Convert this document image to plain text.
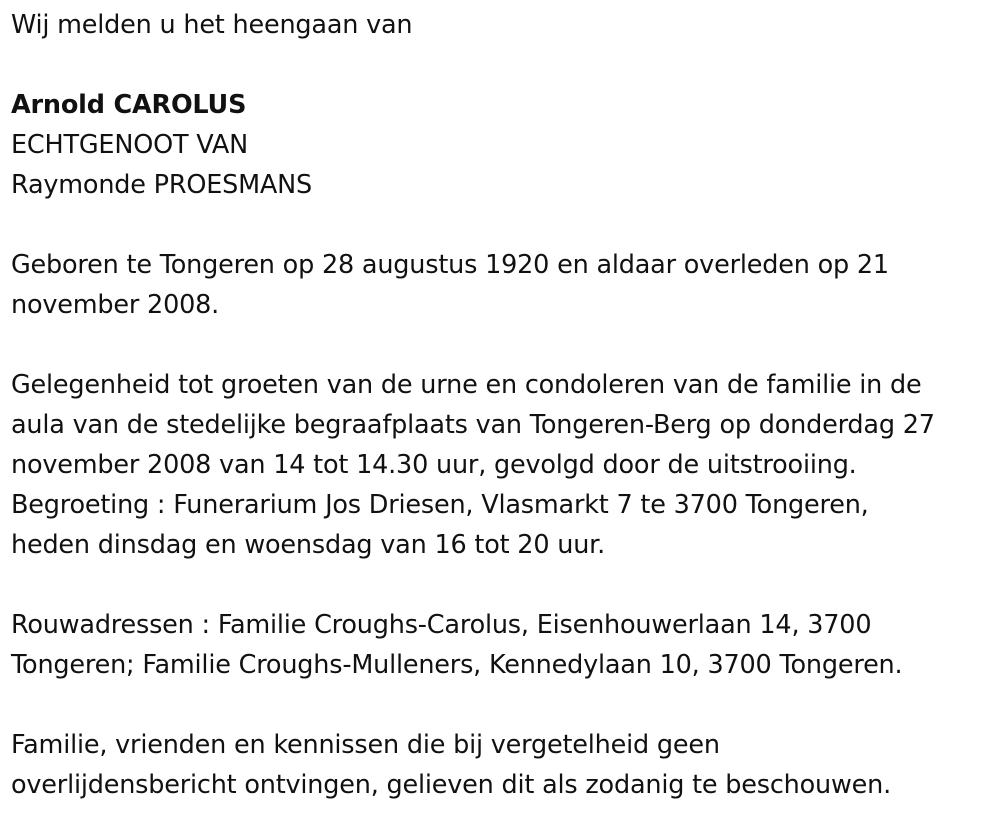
Wij melden u het heengaan van
Arnold CAROLUS
ECHTGENOOT VAN
Raymonde PROESMANS
Geboren te Tongeren op 28 augustus 1920 en aldaar overleden op 21
november 2008.
Gelegenheid tot groeten van de urne en condoleren van de familie in de
aula van de stedelijke begraafplaats van Tongeren-Berg op donderdag 27
november 2008 van 14 tot 14.30 uur, gevolgd door de uitstrooiing.
Begroeting : Funerarium Jos Driesen, Vlasmarkt 7 te 3700 Tongeren,
heden dinsdag en woensdag van 16 tot 20 uur.
Rouwadressen : Familie Croughs-Carolus, Eisenhouwerlaan 14, 3700
Tongeren; Familie Croughs-Mulleners, Kennedylaan 10, 3700 Tongeren.
Familie, vrienden en kennissen die bij vergetelheid geen
overlijdensbericht ontvingen, gelieven dit als zodanig te beschouwen.
